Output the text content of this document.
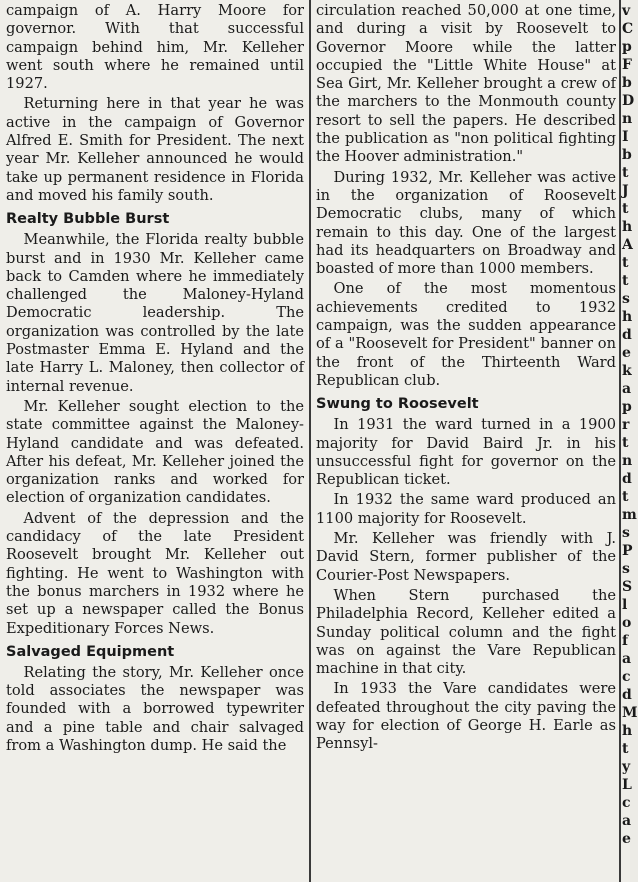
campaign of A. Harry Moore for governor. With that successful campaign behind him, Mr. Kelleher went south where he remained until 1927.

Returning here in that year he was active in the campaign of Governor Alfred E. Smith for President. The next year Mr. Kelleher announced he would take up permanent residence in Florida and moved his family south.

Realty Bubble Burst

Meanwhile, the Florida realty bubble burst and in 1930 Mr. Kelleher came back to Camden where he immediately challenged the Maloney-Hyland Democratic leadership. The organization was controlled by the late Postmaster Emma E. Hyland and the late Harry L. Maloney, then collector of internal revenue.

Mr. Kelleher sought election to the state committee against the Maloney-Hyland candidate and was defeated. After his defeat, Mr. Kelleher joined the organization ranks and worked for election of organization candidates.

Advent of the depression and the candidacy of the late President Roosevelt brought Mr. Kelleher out fighting. He went to Washington with the bonus marchers in 1932 where he set up a newspaper called the Bonus Expeditionary Forces News.

Salvaged Equipment

Relating the story, Mr. Kelleher once told associates the newspaper was founded with a borrowed typewriter and a pine table and chair salvaged from a Washington dump. He said the

circulation reached 50,000 at one time, and during a visit by Roosevelt to Governor Moore while the latter occupied the "Little White House" at Sea Girt, Mr. Kelleher brought a crew of the marchers to the Monmouth county resort to sell the papers. He described the publication as "non political fighting the Hoover administration."

During 1932, Mr. Kelleher was active in the organization of Roosevelt Democratic clubs, many of which remain to this day. One of the largest had its headquarters on Broadway and boasted of more than 1000 members.

One of the most momentous achievements credited to 1932 campaign, was the sudden appearance of a "Roosevelt for President" banner on the front of the Thirteenth Ward Republican club.

Swung to Roosevelt

In 1931 the ward turned in a 1900 majority for David Baird Jr. in his unsuccessful fight for governor on the Republican ticket.

In 1932 the same ward produced an 1100 majority for Roosevelt.

Mr. Kelleher was friendly with J. David Stern, former publisher of the Courier-Post Newspapers.

When Stern purchased the Philadelphia Record, Kelleher edited a Sunday political column and the fight was on against the Vare Republican machine in that city.

In 1933 the Vare candidates were defeated throughout the city paving the way for election of George H. Earle as Pennsyl-

v
C
p
F
b
D
n
I
b
t
J
t
h
A
t
t
s
h
d
e
k
a
p
r
t
n
d
t
m
s
P
s
S
l
o
f
a
c
d
M
h
t
y
L
c
a
e
